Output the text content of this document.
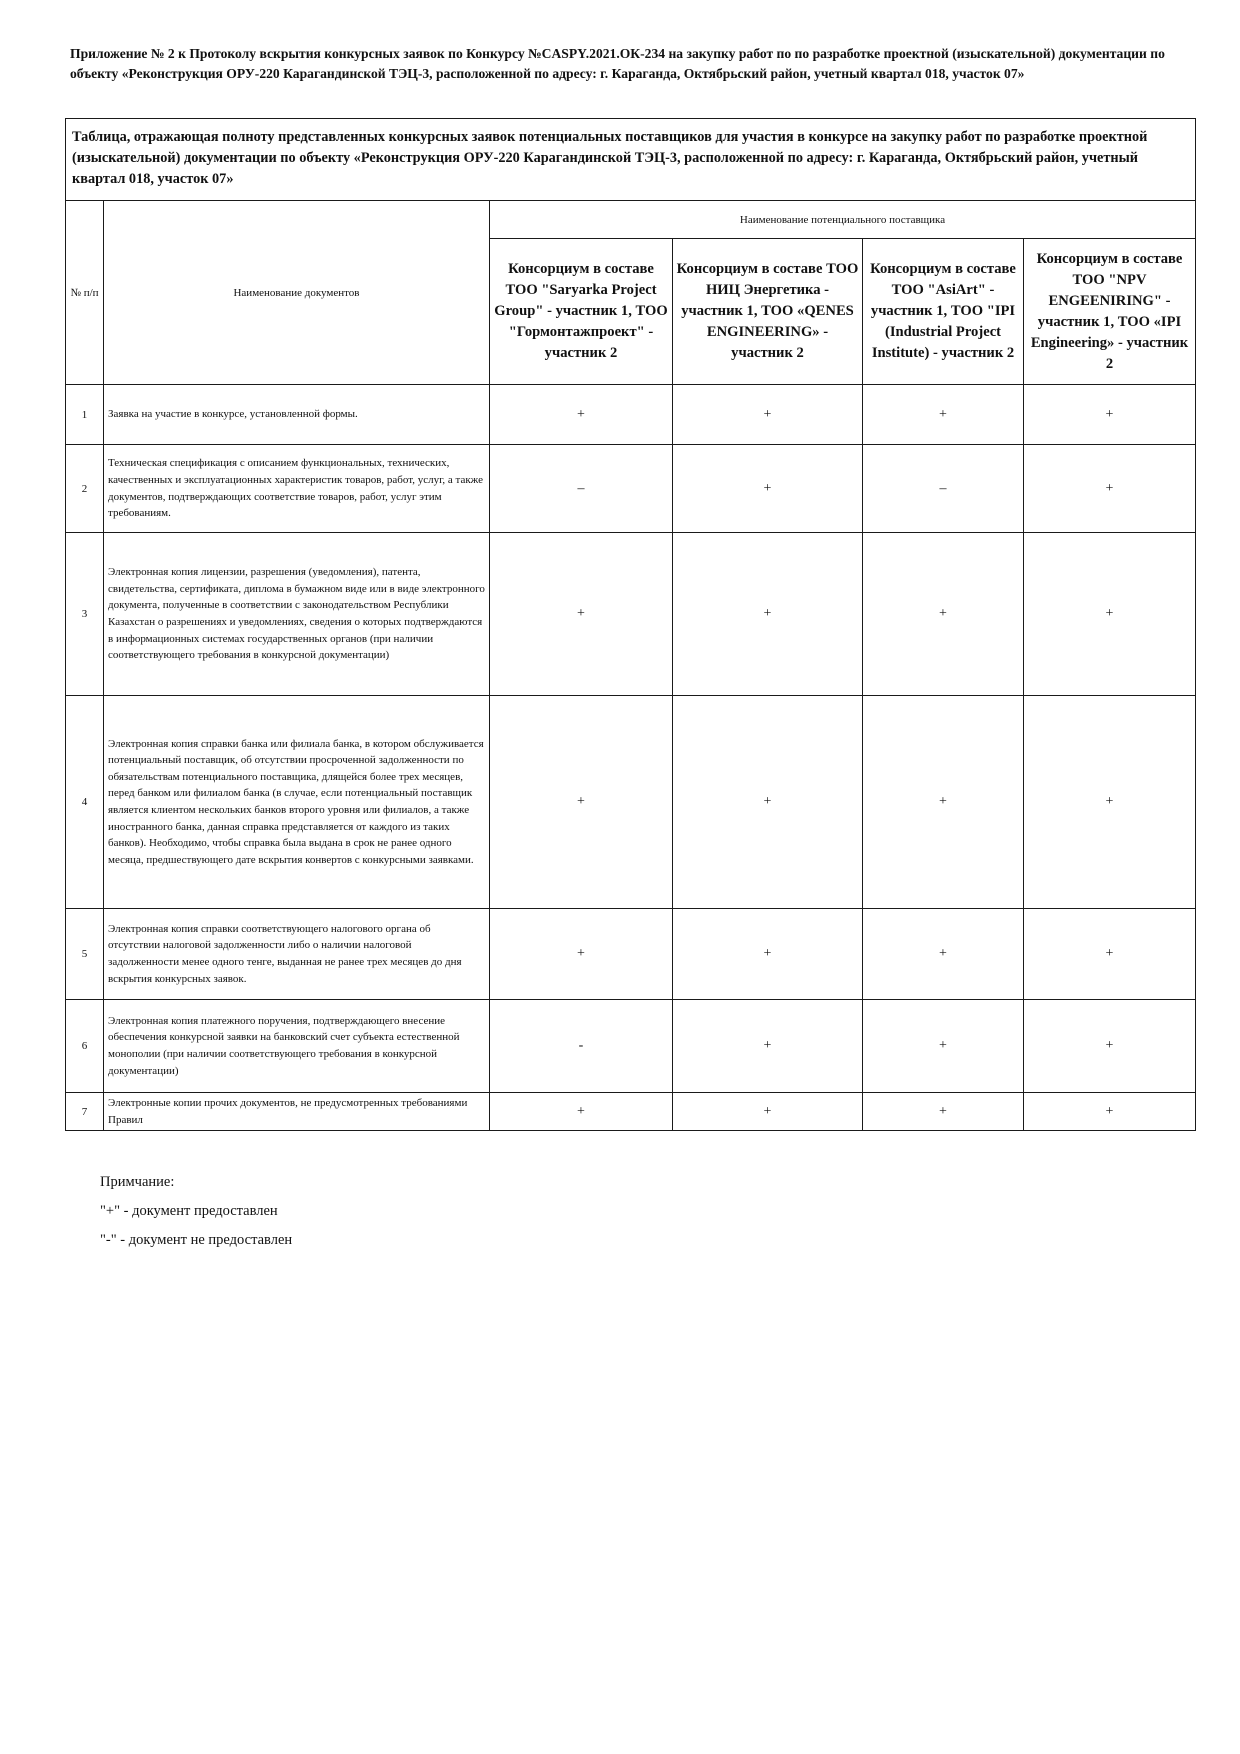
Приложение № 2 к Протоколу вскрытия конкурсных заявок по Конкурсу №CASPY.2021.ОК-234 на закупку работ по по разработке проектной (изыскательной) документации по объекту «Реконструкция ОРУ-220 Карагандинской ТЭЦ-3, расположенной по адресу: г. Караганда, Октябрьский район, учетный квартал 018, участок 07»
Таблица, отражающая полноту представленных конкурсных заявок потенциальных поставщиков для участия в конкурсе на закупку работ по разработке проектной (изыскательной) документации по объекту «Реконструкция ОРУ-220 Карагандинской ТЭЦ-3, расположенной по адресу: г. Караганда, Октябрьский район, учетный квартал 018, участок 07»					
№ п/п	Наименование документов	Наименование потенциального поставщика			
		Консорциум в составе ТОО "Saryarka Project Group" - участник 1, ТОО "Гормонтажпроект" - участник 2	Консорциум в составе ТОО НИЦ Энергетика - участник 1, ТОО «QENES ENGINEERING» - участник 2	Консорциум в составе ТОО "AsiArt" - участник 1, ТОО "IPI (Industrial Project Institute) - участник 2	Консорциум в составе ТОО "NPV ENGEENIRING" - участник 1, ТОО «IPI Engineering» - участник 2
1	Заявка на участие в конкурсе, установленной формы.	+	+	+	+
2	Техническая спецификация с описанием функциональных, технических, качественных и эксплуатационных характеристик товаров, работ, услуг, а также документов, подтверждающих соответствие товаров, работ, услуг этим требованиям.	–	+	–	+
3	Электронная копия лицензии, разрешения (уведомления), патента, свидетельства, сертификата, диплома в бумажном виде или в виде электронного документа, полученные в соответствии с законодательством Республики Казахстан о разрешениях и уведомлениях, сведения о которых подтверждаются в информационных системах государственных органов (при наличии соответствующего требования в конкурсной документации)	+	+	+	+
4	Электронная копия справки банка или филиала банка, в котором обслуживается потенциальный поставщик, об отсутствии просроченной задолженности по обязательствам потенциального поставщика, длящейся более трех месяцев, перед банком или филиалом банка (в случае, если потенциальный поставщик является клиентом нескольких банков второго уровня или филиалов, а также иностранного банка, данная справка представляется от каждого из таких банков). Необходимо, чтобы справка была выдана в срок не ранее одного месяца, предшествующего дате вскрытия конвертов с конкурсными заявками.	+	+	+	+
5	Электронная копия справки соответствующего налогового органа об отсутствии налоговой задолженности либо о наличии налоговой задолженности менее одного тенге, выданная не ранее трех месяцев до дня вскрытия конкурсных заявок.	+	+	+	+
6	Электронная копия платежного поручения, подтверждающего внесение обеспечения конкурсной заявки на банковский счет субъекта естественной монополии (при наличии соответствующего требования в конкурсной документации)	-	+	+	+
7	Электронные копии прочих документов, не предусмотренных требованиями Правил	+	+	+	+
Примчание:
"+" - документ предоставлен
"-" - документ не предоставлен
